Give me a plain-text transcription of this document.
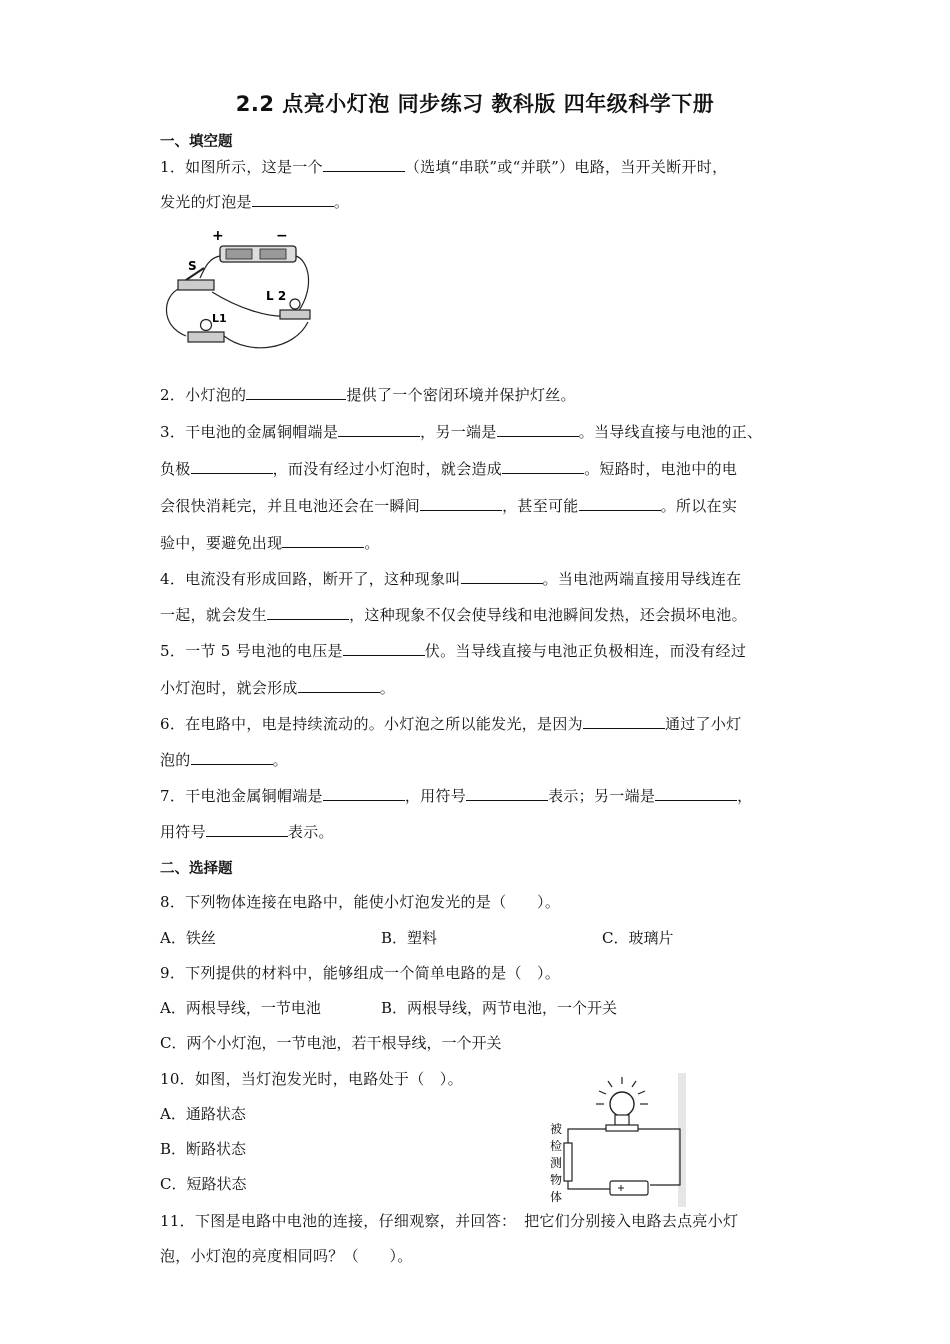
2.2 点亮小灯泡 同步练习 教科版 四年级科学下册
一、填空题
1．如图所示，这是一个	（选填“串联”或“并联”）电路，当开关断开时，
发光的灯泡是	。
+	−
S
L 2
L1
2．小灯泡的	提供了一个密闭环境并保护灯丝。
3．干电池的金属铜帽端是	，另一端是	。当导线直接与电池的正、
负极	，而没有经过小灯泡时，就会造成	。短路时，电池中的电
会很快消耗完，并且电池还会在一瞬间	，甚至可能	。所以在实
验中，要避免出现	。
4．电流没有形成回路，断开了，这种现象叫	。当电池两端直接用导线连在
一起，就会发生	，这种现象不仅会使导线和电池瞬间发热，还会损坏电池。
5．一节 5 号电池的电压是	伏。当导线直接与电池正负极相连，而没有经过
小灯泡时，就会形成	。
6．在电路中，电是持续流动的。小灯泡之所以能发光，是因为	通过了小灯
泡的	。
7．干电池金属铜帽端是	，用符号	表示；另一端是	，
用符号	表示。
二、选择题
8．下列物体连接在电路中，能使小灯泡发光的是（　　）。
A．铁丝	B．塑料	C．玻璃片
9．下列提供的材料中，能够组成一个简单电路的是（　）。
A．两根导线，一节电池	B．两根导线，两节电池，一个开关
C．两个小灯泡，一节电池，若干根导线，一个开关
10．如图，当灯泡发光时，电路处于（　）。
A．通路状态
B．断路状态
C．短路状态
被
检
测
物
体
11．下图是电路中电池的连接，仔细观察，并回答：　把它们分别接入电路去点亮小灯
泡，小灯泡的亮度相同吗？（　　）。
